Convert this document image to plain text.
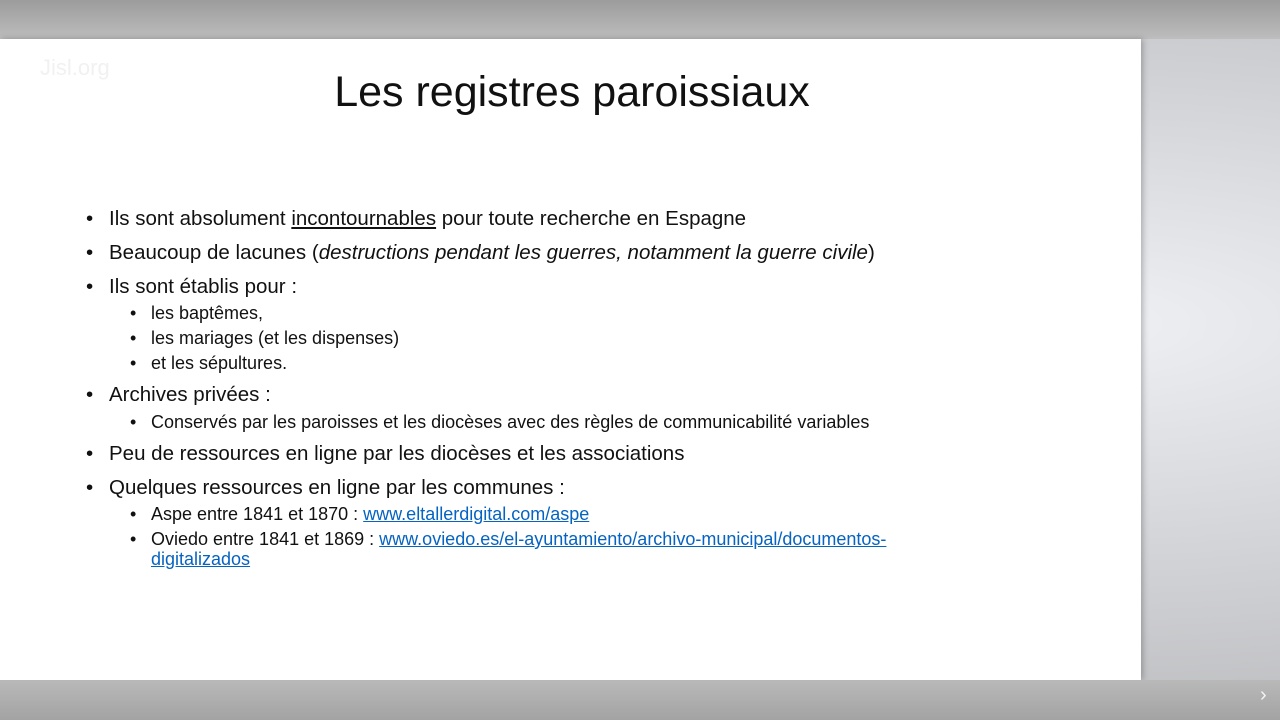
Jisl.org
Les registres paroissiaux
• Ils sont absolument incontournables pour toute recherche en Espagne
• Beaucoup de lacunes (destructions pendant les guerres, notamment la guerre civile)
• Ils sont établis pour :
• les baptêmes,
• les mariages (et les dispenses)
• et les sépultures.
• Archives privées :
• Conservés par les paroisses et les diocèses avec des règles de communicabilité variables
• Peu de ressources en ligne par les diocèses et les associations
• Quelques ressources en ligne par les communes :
• Aspe entre 1841 et 1870 : www.eltallerdigital.com/aspe
• Oviedo entre 1841 et 1869 : www.oviedo.es/el-ayuntamiento/archivo-municipal/documentos-
digitalizados
›
